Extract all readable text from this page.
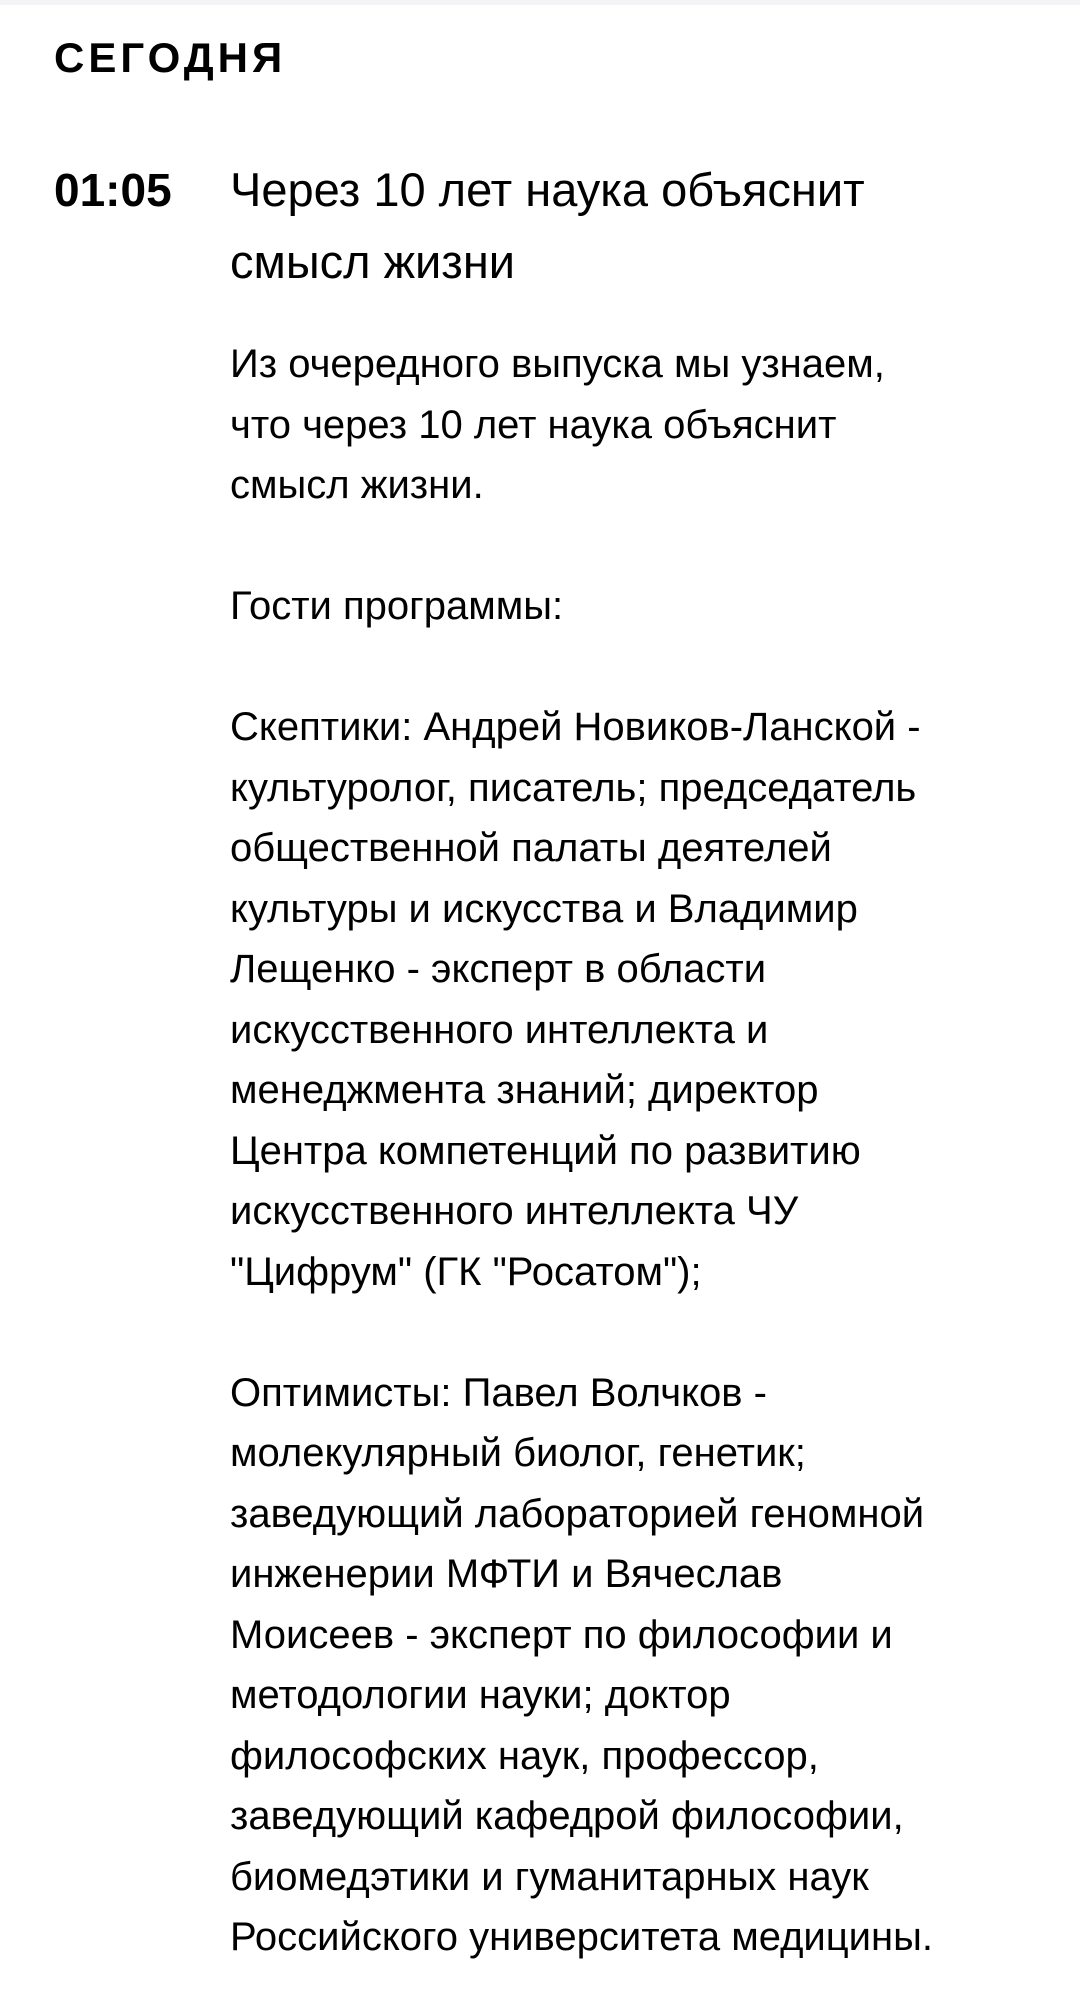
СЕГОДНЯ
01:05 Через 10 лет наука объяснит смысл жизни
Из очередного выпуска мы узнаем,
что через 10 лет наука объяснит
смысл жизни.

Гости программы:

Скептики: Андрей Новиков-Ланской -
культуролог, писатель; председатель
общественной палаты деятелей
культуры и искусства и Владимир
Лещенко - эксперт в области
искусственного интеллекта и
менеджмента знаний; директор
Центра компетенций по развитию
искусственного интеллекта ЧУ
"Цифрум" (ГК "Росатом");

Оптимисты: Павел Волчков -
молекулярный биолог, генетик;
заведующий лабораторией геномной
инженерии МФТИ и Вячеслав
Моисеев - эксперт по философии и
методологии науки; доктор
философских наук, профессор,
заведующий кафедрой философии,
биомедэтики и гуманитарных наук
Российского университета медицины.
